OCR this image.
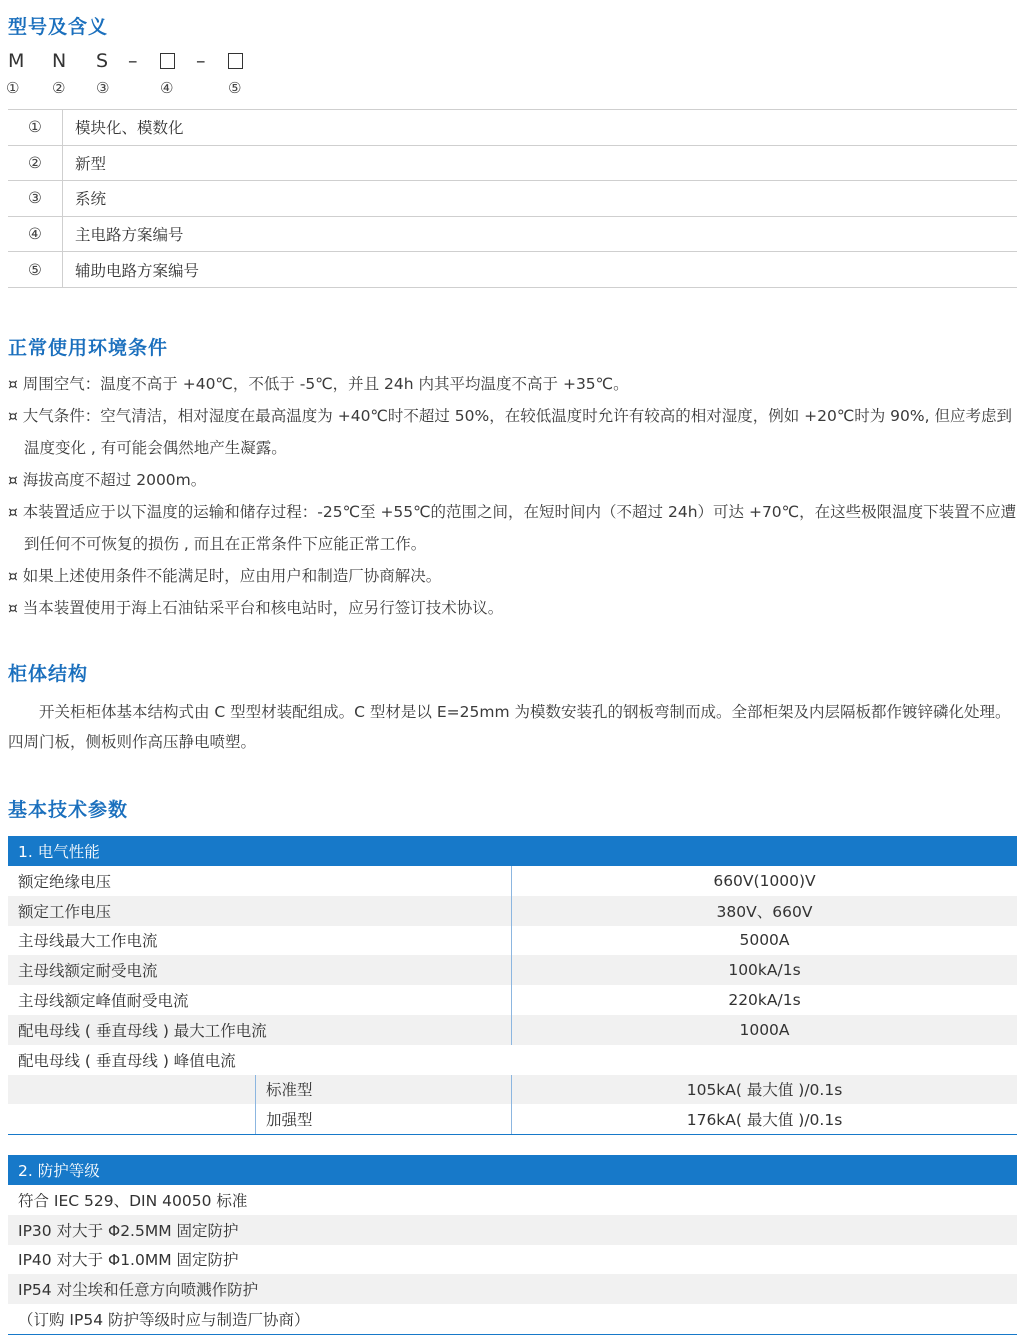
型号及含义
M N S –	–
① ② ③	④	⑤
①	模块化、模数化
②	新型
③	系统
④	主电路方案编号
⑤	辅助电路方案编号
正常使用环境条件

¤ 周围空气：温度不高于 +40℃，不低于 -5℃，并且 24h 内其平均温度不高于 +35℃。

¤ 大气条件：空气清洁，相对湿度在最高温度为 +40℃时不超过 50%，在较低温度时允许有较高的相对湿度，例如 +20℃时为 90%, 但应考虑到温度变化 , 有可能会偶然地产生凝露。

¤ 海拔高度不超过 2000m。

¤ 本装置适应于以下温度的运输和储存过程：-25℃至 +55℃的范围之间，在短时间内（不超过 24h）可达 +70℃，在这些极限温度下装置不应遭到任何不可恢复的损伤 , 而且在正常条件下应能正常工作。

¤ 如果上述使用条件不能满足时，应由用户和制造厂协商解决。

¤ 当本装置使用于海上石油钻采平台和核电站时，应另行签订技术协议。

柜体结构
开关柜柜体基本结构式由 C 型型材装配组成。C 型材是以 E=25mm 为模数安装孔的钢板弯制而成。全部柜架及内层隔板都作镀锌磷化处理。四周门板，侧板则作高压静电喷塑。
基本技术参数
1. 电气性能
额定绝缘电压	660V(1000)V
额定工作电压	380V、660V
主母线最大工作电流	5000A
主母线额定耐受电流	100kA/1s
主母线额定峰值耐受电流	220kA/1s
配电母线 ( 垂直母线 ) 最大工作电流	1000A
配电母线 ( 垂直母线 ) 峰值电流
标准型	105kA( 最大值 )/0.1s
加强型	176kA( 最大值 )/0.1s
2. 防护等级
符合 IEC 529、DIN 40050 标准
IP30 对大于 Φ2.5MM 固定防护
IP40 对大于 Φ1.0MM 固定防护
IP54 对尘埃和任意方向喷溅作防护
（订购 IP54 防护等级时应与制造厂协商）
